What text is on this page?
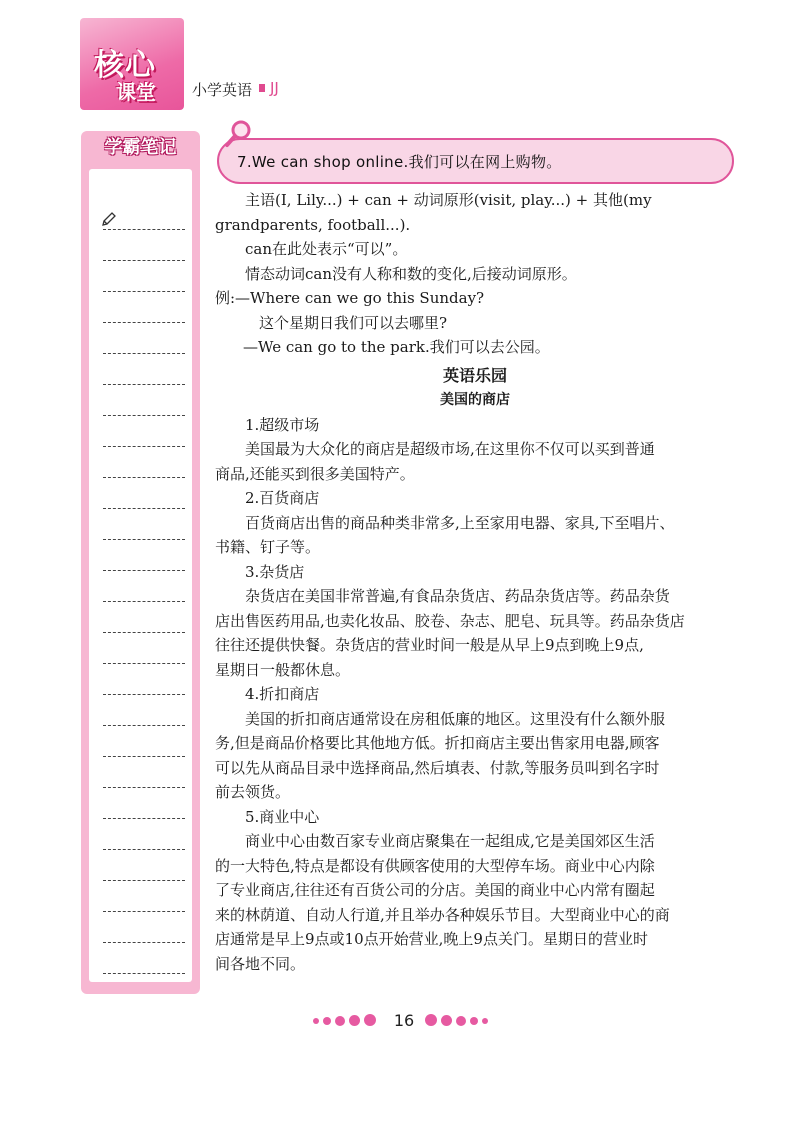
核心
课堂 小学英语 JJ
学霸笔记
7.We can shop online.我们可以在网上购物。
主语(I, Lily...) + can + 动词原形(visit, play...) + 其他(my
grandparents, football...).
can在此处表示“可以”。
情态动词can没有人称和数的变化,后接动词原形。
例:—Where can we go this Sunday?
这个星期日我们可以去哪里?
—We can go to the park.我们可以去公园。
英语乐园
美国的商店
1.超级市场
美国最为大众化的商店是超级市场,在这里你不仅可以买到普通
商品,还能买到很多美国特产。
2.百货商店
百货商店出售的商品种类非常多,上至家用电器、家具,下至唱片、
书籍、钉子等。
3.杂货店
杂货店在美国非常普遍,有食品杂货店、药品杂货店等。药品杂货
店出售医药用品,也卖化妆品、胶卷、杂志、肥皂、玩具等。药品杂货店
往往还提供快餐。杂货店的营业时间一般是从早上9点到晚上9点,
星期日一般都休息。
4.折扣商店
美国的折扣商店通常设在房租低廉的地区。这里没有什么额外服
务,但是商品价格要比其他地方低。折扣商店主要出售家用电器,顾客
可以先从商品目录中选择商品,然后填表、付款,等服务员叫到名字时
前去领货。
5.商业中心
商业中心由数百家专业商店聚集在一起组成,它是美国郊区生活
的一大特色,特点是都设有供顾客使用的大型停车场。商业中心内除
了专业商店,往往还有百货公司的分店。美国的商业中心内常有圈起
来的林荫道、自动人行道,并且举办各种娱乐节目。大型商业中心的商
店通常是早上9点或10点开始营业,晚上9点关门。星期日的营业时
间各地不同。
16
